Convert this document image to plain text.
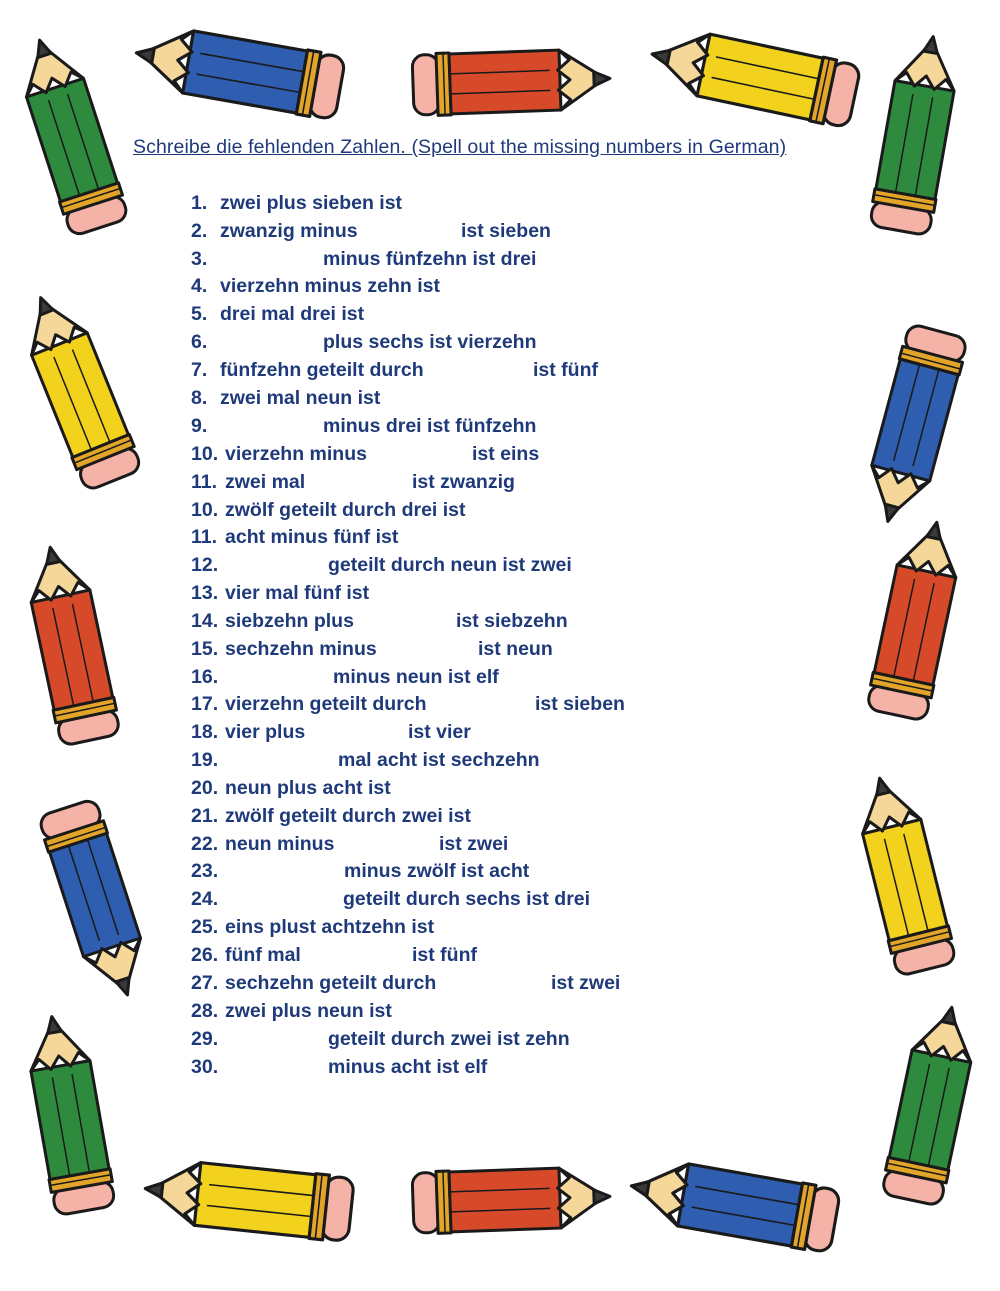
Schreibe die fehlenden Zahlen. (Spell out the missing numbers in German)
1. zwei plus sieben ist
2. zwanzig minus	ist sieben
3.	minus fünfzehn ist drei
4. vierzehn minus zehn ist
5. drei mal drei ist
6.	plus sechs ist vierzehn
7. fünfzehn geteilt durch	ist fünf
8. zwei mal neun ist
9.	minus drei ist fünfzehn
10. vierzehn minus	ist eins
11. zwei mal	ist zwanzig
10. zwölf geteilt durch drei ist
11. acht minus fünf ist
12.	geteilt durch neun ist zwei
13. vier mal fünf ist
14. siebzehn plus	ist siebzehn
15. sechzehn minus	ist neun
16.	minus neun ist elf
17. vierzehn geteilt durch	ist sieben
18. vier plus	ist vier
19.	mal acht ist sechzehn
20. neun plus acht ist
21. zwölf geteilt durch zwei ist
22. neun minus	ist zwei
23.	minus zwölf ist acht
24.	geteilt durch sechs ist drei
25. eins plust achtzehn ist
26. fünf mal	ist fünf
27. sechzehn geteilt durch	ist zwei
28. zwei plus neun ist
29.	geteilt durch zwei ist zehn
30.	minus acht ist elf
